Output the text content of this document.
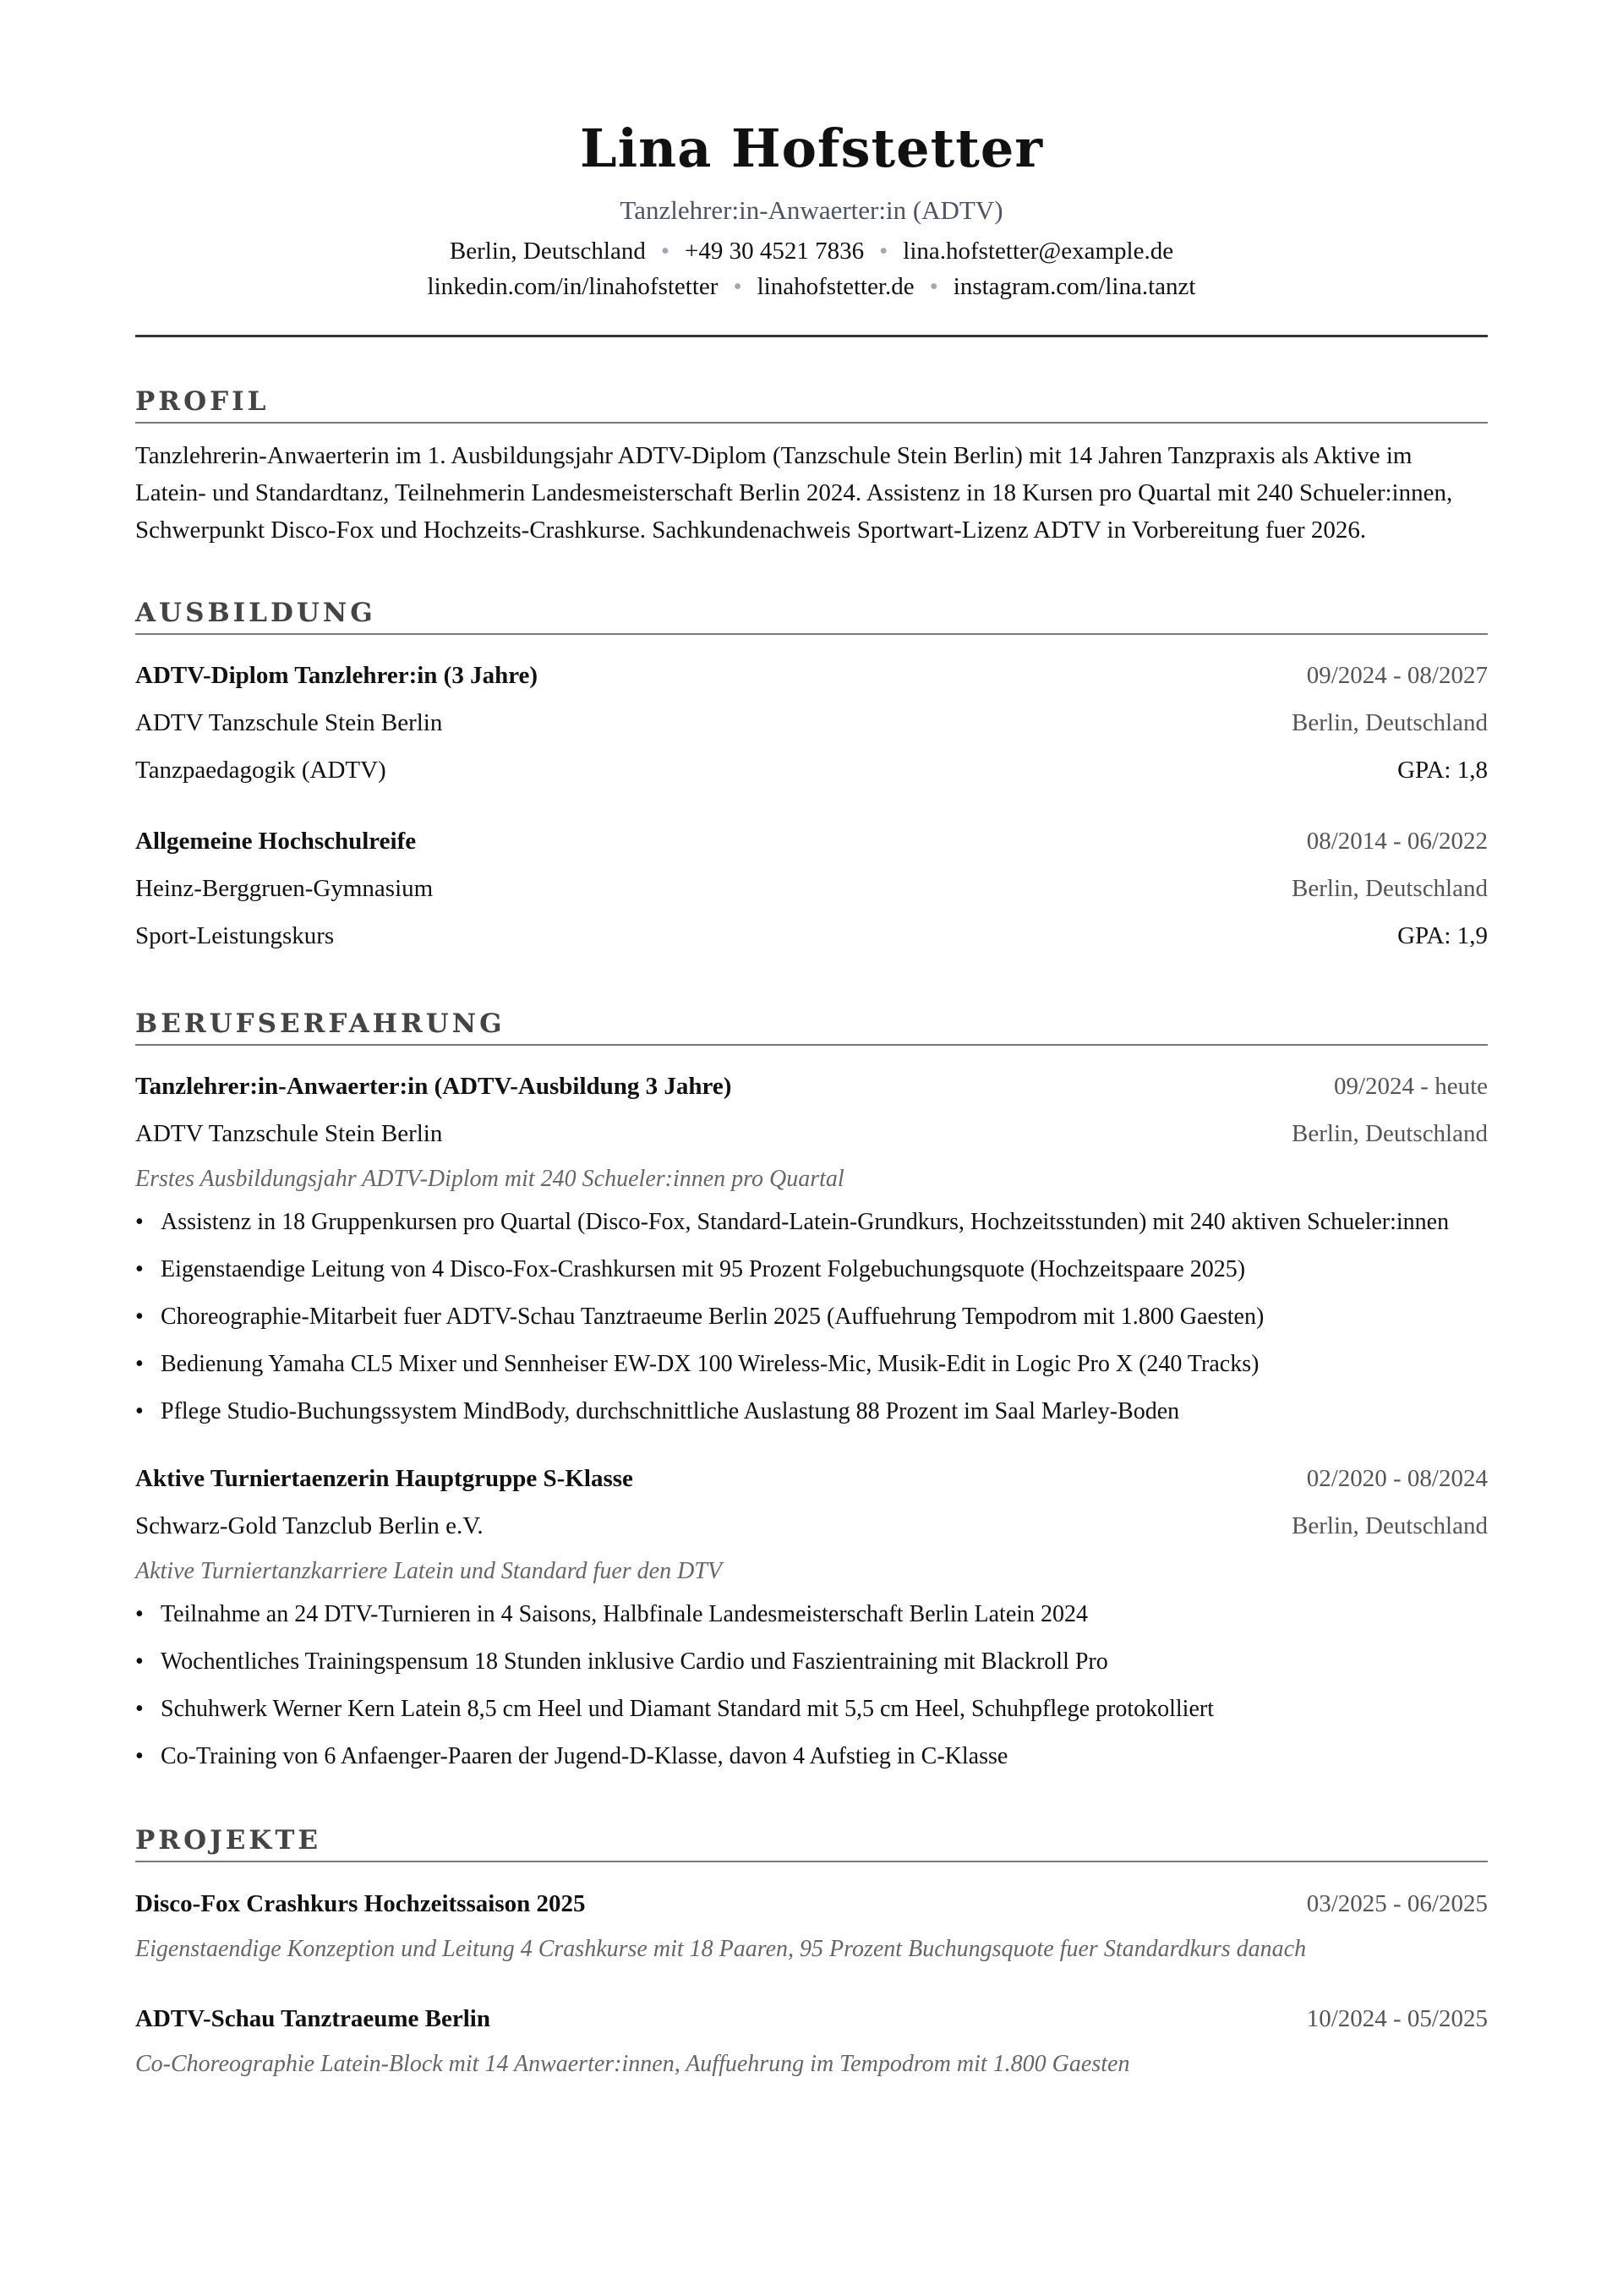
Lina Hofstetter
Tanzlehrer:in-Anwaerter:in (ADTV)
Berlin, Deutschland • +49 30 4521 7836 • lina.hofstetter@example.de
linkedin.com/in/linahofstetter • linahofstetter.de • instagram.com/lina.tanzt
PROFIL

Tanzlehrerin-Anwaerterin im 1. Ausbildungsjahr ADTV-Diplom (Tanzschule Stein Berlin) mit 14 Jahren Tanzpraxis als Aktive im Latein- und Standardtanz, Teilnehmerin Landesmeisterschaft Berlin 2024. Assistenz in 18 Kursen pro Quartal mit 240 Schueler:innen, Schwerpunkt Disco-Fox und Hochzeits-Crashkurse. Sachkundenachweis Sportwart-Lizenz ADTV in Vorbereitung fuer 2026.

AUSBILDUNG
ADTV-Diplom Tanzlehrer:in (3 Jahre)	09/2024 - 08/2027
ADTV Tanzschule Stein Berlin	Berlin, Deutschland
Tanzpaedagogik (ADTV)	GPA: 1,8
Allgemeine Hochschulreife	08/2014 - 06/2022
Heinz-Berggruen-Gymnasium	Berlin, Deutschland
Sport-Leistungskurs	GPA: 1,9
BERUFSERFAHRUNG
Tanzlehrer:in-Anwaerter:in (ADTV-Ausbildung 3 Jahre)	09/2024 - heute
ADTV Tanzschule Stein Berlin	Berlin, Deutschland
Erstes Ausbildungsjahr ADTV-Diplom mit 240 Schueler:innen pro Quartal
• Assistenz in 18 Gruppenkursen pro Quartal (Disco-Fox, Standard-Latein-Grundkurs, Hochzeitsstunden) mit 240 aktiven Schueler:innen
• Eigenstaendige Leitung von 4 Disco-Fox-Crashkursen mit 95 Prozent Folgebuchungsquote (Hochzeitspaare 2025)
• Choreographie-Mitarbeit fuer ADTV-Schau Tanztraeume Berlin 2025 (Auffuehrung Tempodrom mit 1.800 Gaesten)
• Bedienung Yamaha CL5 Mixer und Sennheiser EW-DX 100 Wireless-Mic, Musik-Edit in Logic Pro X (240 Tracks)
• Pflege Studio-Buchungssystem MindBody, durchschnittliche Auslastung 88 Prozent im Saal Marley-Boden
Aktive Turniertaenzerin Hauptgruppe S-Klasse	02/2020 - 08/2024
Schwarz-Gold Tanzclub Berlin e.V.	Berlin, Deutschland
Aktive Turniertanzkarriere Latein und Standard fuer den DTV
• Teilnahme an 24 DTV-Turnieren in 4 Saisons, Halbfinale Landesmeisterschaft Berlin Latein 2024
• Wochentliches Trainingspensum 18 Stunden inklusive Cardio und Faszientraining mit Blackroll Pro
• Schuhwerk Werner Kern Latein 8,5 cm Heel und Diamant Standard mit 5,5 cm Heel, Schuhpflege protokolliert
• Co-Training von 6 Anfaenger-Paaren der Jugend-D-Klasse, davon 4 Aufstieg in C-Klasse
PROJEKTE
Disco-Fox Crashkurs Hochzeitssaison 2025	03/2025 - 06/2025
Eigenstaendige Konzeption und Leitung 4 Crashkurse mit 18 Paaren, 95 Prozent Buchungsquote fuer Standardkurs danach
ADTV-Schau Tanztraeume Berlin	10/2024 - 05/2025
Co-Choreographie Latein-Block mit 14 Anwaerter:innen, Auffuehrung im Tempodrom mit 1.800 Gaesten
